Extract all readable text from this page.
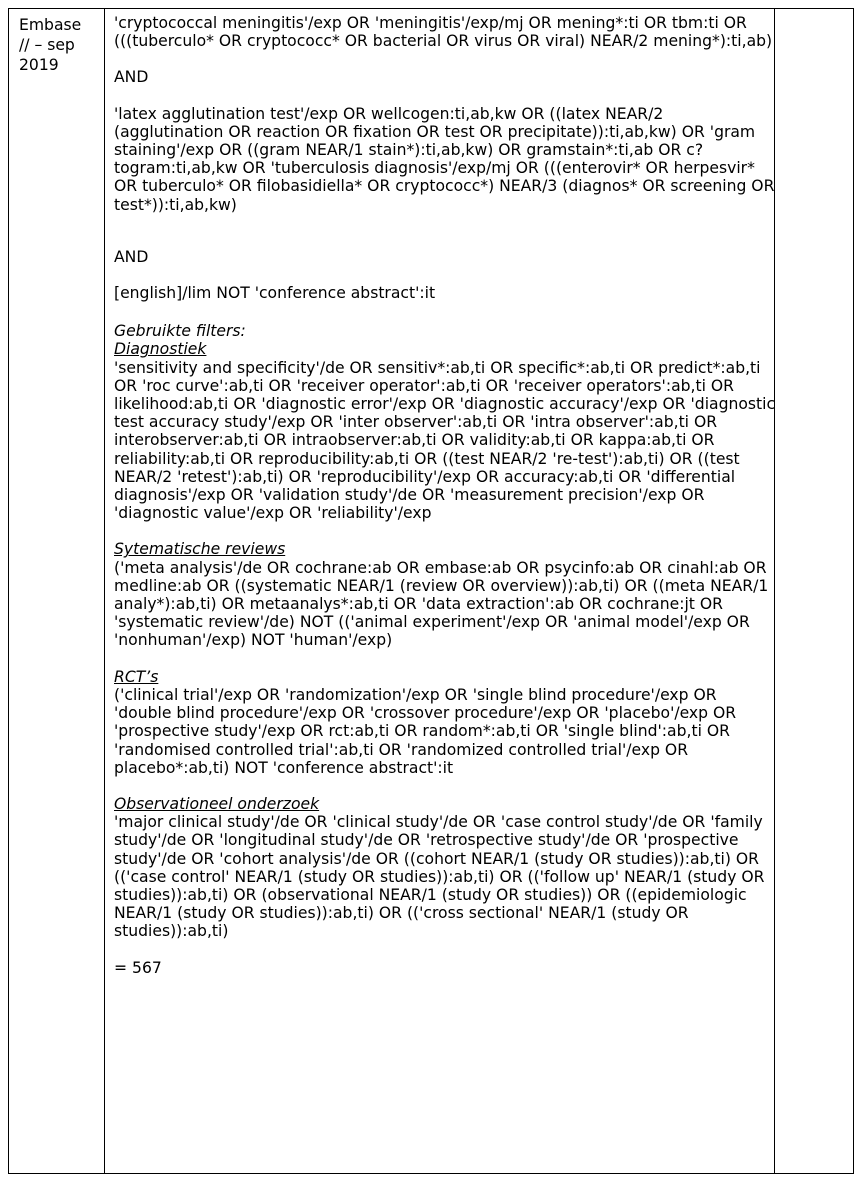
Embase
// – sep
2019

'cryptococcal meningitis'/exp OR 'meningitis'/exp/mj OR mening*:ti OR tbm:ti OR (((tuberculo* OR cryptococc* OR bacterial OR virus OR viral) NEAR/2 mening*):ti,ab)

AND

'latex agglutination test'/exp OR wellcogen:ti,ab,kw OR ((latex NEAR/2 (agglutination OR reaction OR fixation OR test OR precipitate)):ti,ab,kw) OR 'gram staining'/exp OR ((gram NEAR/1 stain*):ti,ab,kw) OR gramstain*:ti,ab OR c?togram:ti,ab,kw OR 'tuberculosis diagnosis'/exp/mj OR (((enterovir* OR herpesvir* OR tuberculo* OR filobasidiella* OR cryptococc*) NEAR/3 (diagnos* OR screening OR test*)):ti,ab,kw)

AND

[english]/lim NOT 'conference abstract':it

Gebruikte filters:

Diagnostiek

'sensitivity and specificity'/de OR sensitiv*:ab,ti OR specific*:ab,ti OR predict*:ab,ti OR 'roc curve':ab,ti OR 'receiver operator':ab,ti OR 'receiver operators':ab,ti OR likelihood:ab,ti OR 'diagnostic error'/exp OR 'diagnostic accuracy'/exp OR 'diagnostic test accuracy study'/exp OR 'inter observer':ab,ti OR 'intra observer':ab,ti OR interobserver:ab,ti OR intraobserver:ab,ti OR validity:ab,ti OR kappa:ab,ti OR reliability:ab,ti OR reproducibility:ab,ti OR ((test NEAR/2 're-test'):ab,ti) OR ((test NEAR/2 'retest'):ab,ti) OR 'reproducibility'/exp OR accuracy:ab,ti OR 'differential diagnosis'/exp OR 'validation study'/de OR 'measurement precision'/exp OR 'diagnostic value'/exp OR 'reliability'/exp

Sytematische reviews

('meta analysis'/de OR cochrane:ab OR embase:ab OR psycinfo:ab OR cinahl:ab OR medline:ab OR ((systematic NEAR/1 (review OR overview)):ab,ti) OR ((meta NEAR/1 analy*):ab,ti) OR metaanalys*:ab,ti OR 'data extraction':ab OR cochrane:jt OR 'systematic review'/de) NOT (('animal experiment'/exp OR 'animal model'/exp OR 'nonhuman'/exp) NOT 'human'/exp)

RCT’s

('clinical trial'/exp OR 'randomization'/exp OR 'single blind procedure'/exp OR 'double blind procedure'/exp OR 'crossover procedure'/exp OR 'placebo'/exp OR 'prospective study'/exp OR rct:ab,ti OR random*:ab,ti OR 'single blind':ab,ti OR 'randomised controlled trial':ab,ti OR 'randomized controlled trial'/exp OR placebo*:ab,ti) NOT 'conference abstract':it

Observationeel onderzoek

'major clinical study'/de OR 'clinical study'/de OR 'case control study'/de OR 'family study'/de OR 'longitudinal study'/de OR 'retrospective study'/de OR 'prospective study'/de OR 'cohort analysis'/de OR ((cohort NEAR/1 (study OR studies)):ab,ti) OR (('case control' NEAR/1 (study OR studies)):ab,ti) OR (('follow up' NEAR/1 (study OR studies)):ab,ti) OR (observational NEAR/1 (study OR studies)) OR ((epidemiologic NEAR/1 (study OR studies)):ab,ti) OR (('cross sectional' NEAR/1 (study OR studies)):ab,ti)

= 567
